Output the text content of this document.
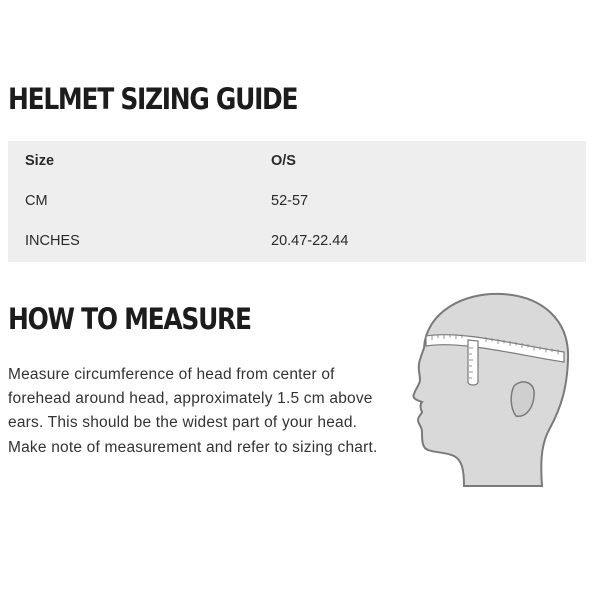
HELMET SIZING GUIDE
Size	O/S
CM	52-57
INCHES	20.47-22.44
HOW TO MEASURE
Measure circumference of head from center of forehead around head, approximately 1.5 cm above ears. This should be the widest part of your head. Make note of measurement and refer to sizing chart.
